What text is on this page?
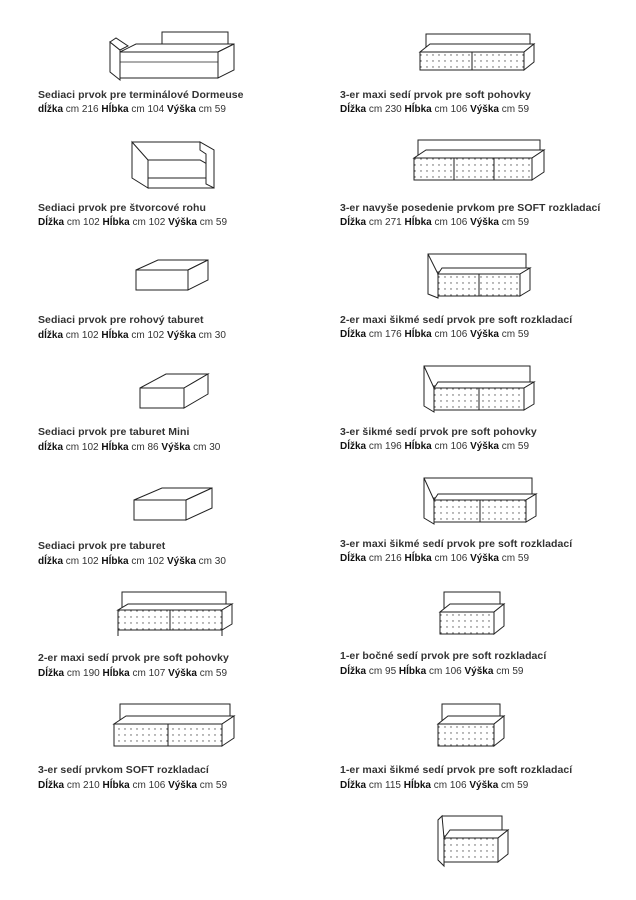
Sediaci prvok pre terminálové Dormeuse
dĺžka cm 216 Hĺbka cm 104 Výška cm 59
Sediaci prvok pre štvorcové rohu
Dĺžka cm 102 Hĺbka cm 102 Výška cm 59
Sediaci prvok pre rohový taburet
dĺžka cm 102 Hĺbka cm 102 Výška cm 30
Sediaci prvok pre taburet Mini
dĺžka cm 102 Hĺbka cm 86 Výška cm 30
Sediaci prvok pre taburet
dĺžka cm 102 Hĺbka cm 102 Výška cm 30
2-er maxi sedí prvok pre soft pohovky
Dĺžka cm 190 Hĺbka cm 107 Výška cm 59
3-er sedí prvkom SOFT rozkladací
Dĺžka cm 210 Hĺbka cm 106 Výška cm 59
3-er maxi sedí prvok pre soft pohovky
Dĺžka cm 230 Hĺbka cm 106 Výška cm 59
3-er navyše posedenie prvkom pre SOFT rozkladací
Dĺžka cm 271 Hĺbka cm 106 Výška cm 59
2-er maxi šikmé sedí prvok pre soft rozkladací
Dĺžka cm 176 Hĺbka cm 106 Výška cm 59
3-er šikmé sedí prvok pre soft pohovky
Dĺžka cm 196 Hĺbka cm 106 Výška cm 59
3-er maxi šikmé sedí prvok pre soft rozkladací
Dĺžka cm 216 Hĺbka cm 106 Výška cm 59
1-er bočné sedí prvok pre soft rozkladací
Dĺžka cm 95 Hĺbka cm 106 Výška cm 59
1-er maxi šikmé sedí prvok pre soft rozkladací
Dĺžka cm 115 Hĺbka cm 106 Výška cm 59
